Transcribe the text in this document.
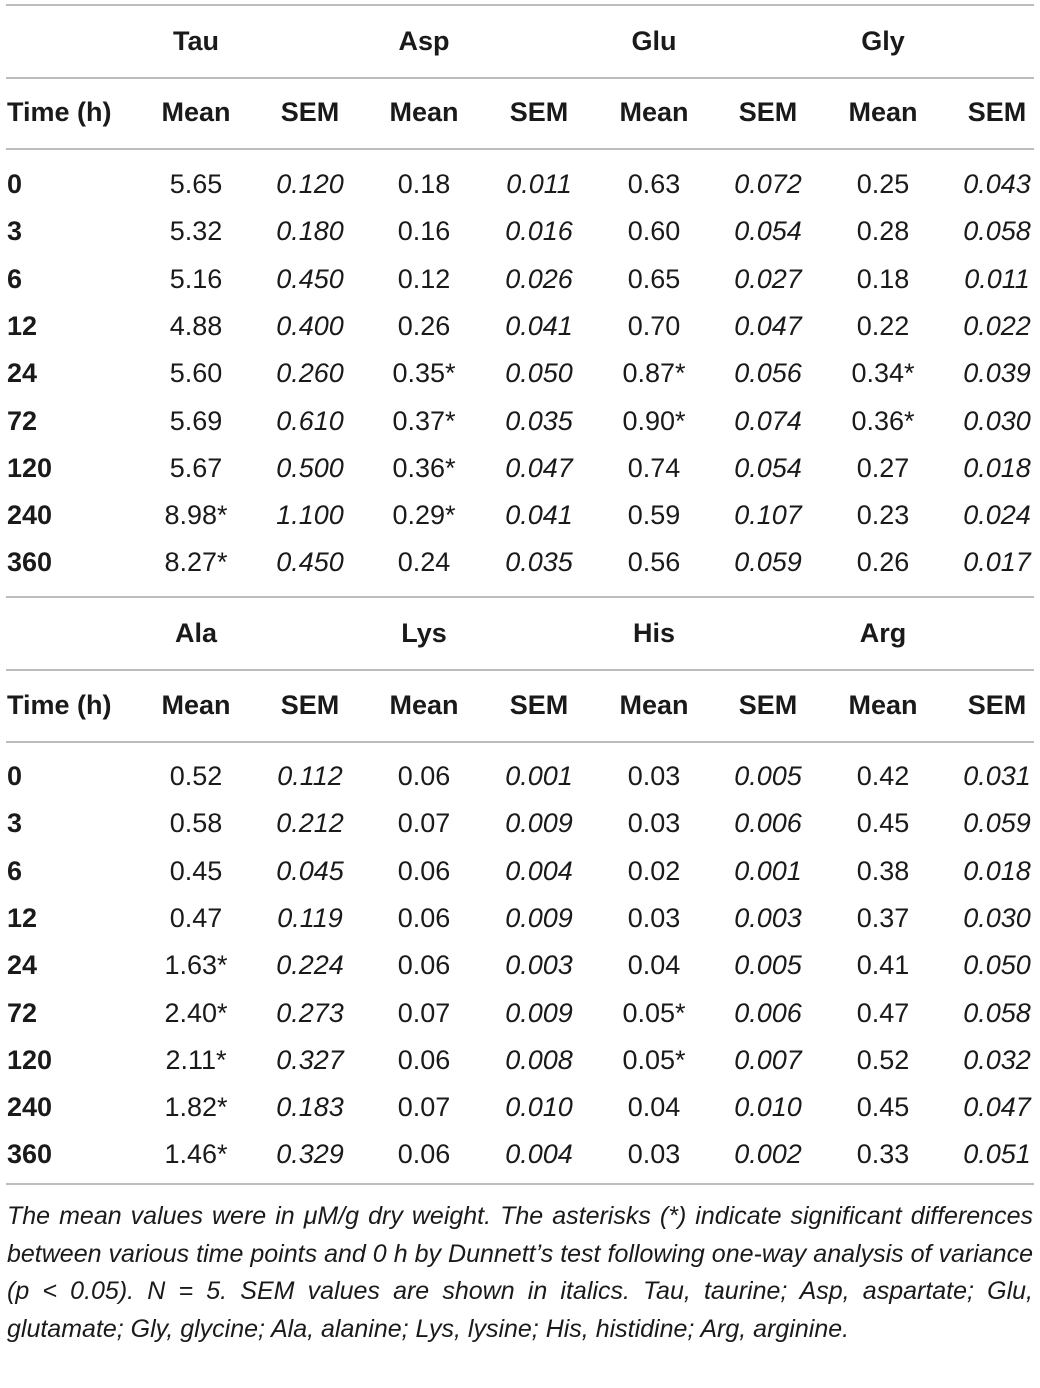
Tau	Asp	Glu	Gly
Time (h)	Mean	SEM	Mean	SEM	Mean	SEM	Mean	SEM
0	5.65	0.120	0.18	0.011	0.63	0.072	0.25	0.043
3	5.32	0.180	0.16	0.016	0.60	0.054	0.28	0.058
6	5.16	0.450	0.12	0.026	0.65	0.027	0.18	0.011
12	4.88	0.400	0.26	0.041	0.70	0.047	0.22	0.022
24	5.60	0.260	0.35*	0.050	0.87*	0.056	0.34*	0.039
72	5.69	0.610	0.37*	0.035	0.90*	0.074	0.36*	0.030
120	5.67	0.500	0.36*	0.047	0.74	0.054	0.27	0.018
240	8.98*	1.100	0.29*	0.041	0.59	0.107	0.23	0.024
360	8.27*	0.450	0.24	0.035	0.56	0.059	0.26	0.017
Ala	Lys	His	Arg
Time (h)	Mean	SEM	Mean	SEM	Mean	SEM	Mean	SEM
0	0.52	0.112	0.06	0.001	0.03	0.005	0.42	0.031
3	0.58	0.212	0.07	0.009	0.03	0.006	0.45	0.059
6	0.45	0.045	0.06	0.004	0.02	0.001	0.38	0.018
12	0.47	0.119	0.06	0.009	0.03	0.003	0.37	0.030
24	1.63*	0.224	0.06	0.003	0.04	0.005	0.41	0.050
72	2.40*	0.273	0.07	0.009	0.05*	0.006	0.47	0.058
120	2.11*	0.327	0.06	0.008	0.05*	0.007	0.52	0.032
240	1.82*	0.183	0.07	0.010	0.04	0.010	0.45	0.047
360	1.46*	0.329	0.06	0.004	0.03	0.002	0.33	0.051
The mean values were in μM/g dry weight. The asterisks (*) indicate significant differences between various time points and 0 h by Dunnett’s test following one-way analysis of variance (p < 0.05). N = 5. SEM values are shown in italics. Tau, taurine; Asp, aspartate; Glu, glutamate; Gly, glycine; Ala, alanine; Lys, lysine; His, histidine; Arg, arginine.
